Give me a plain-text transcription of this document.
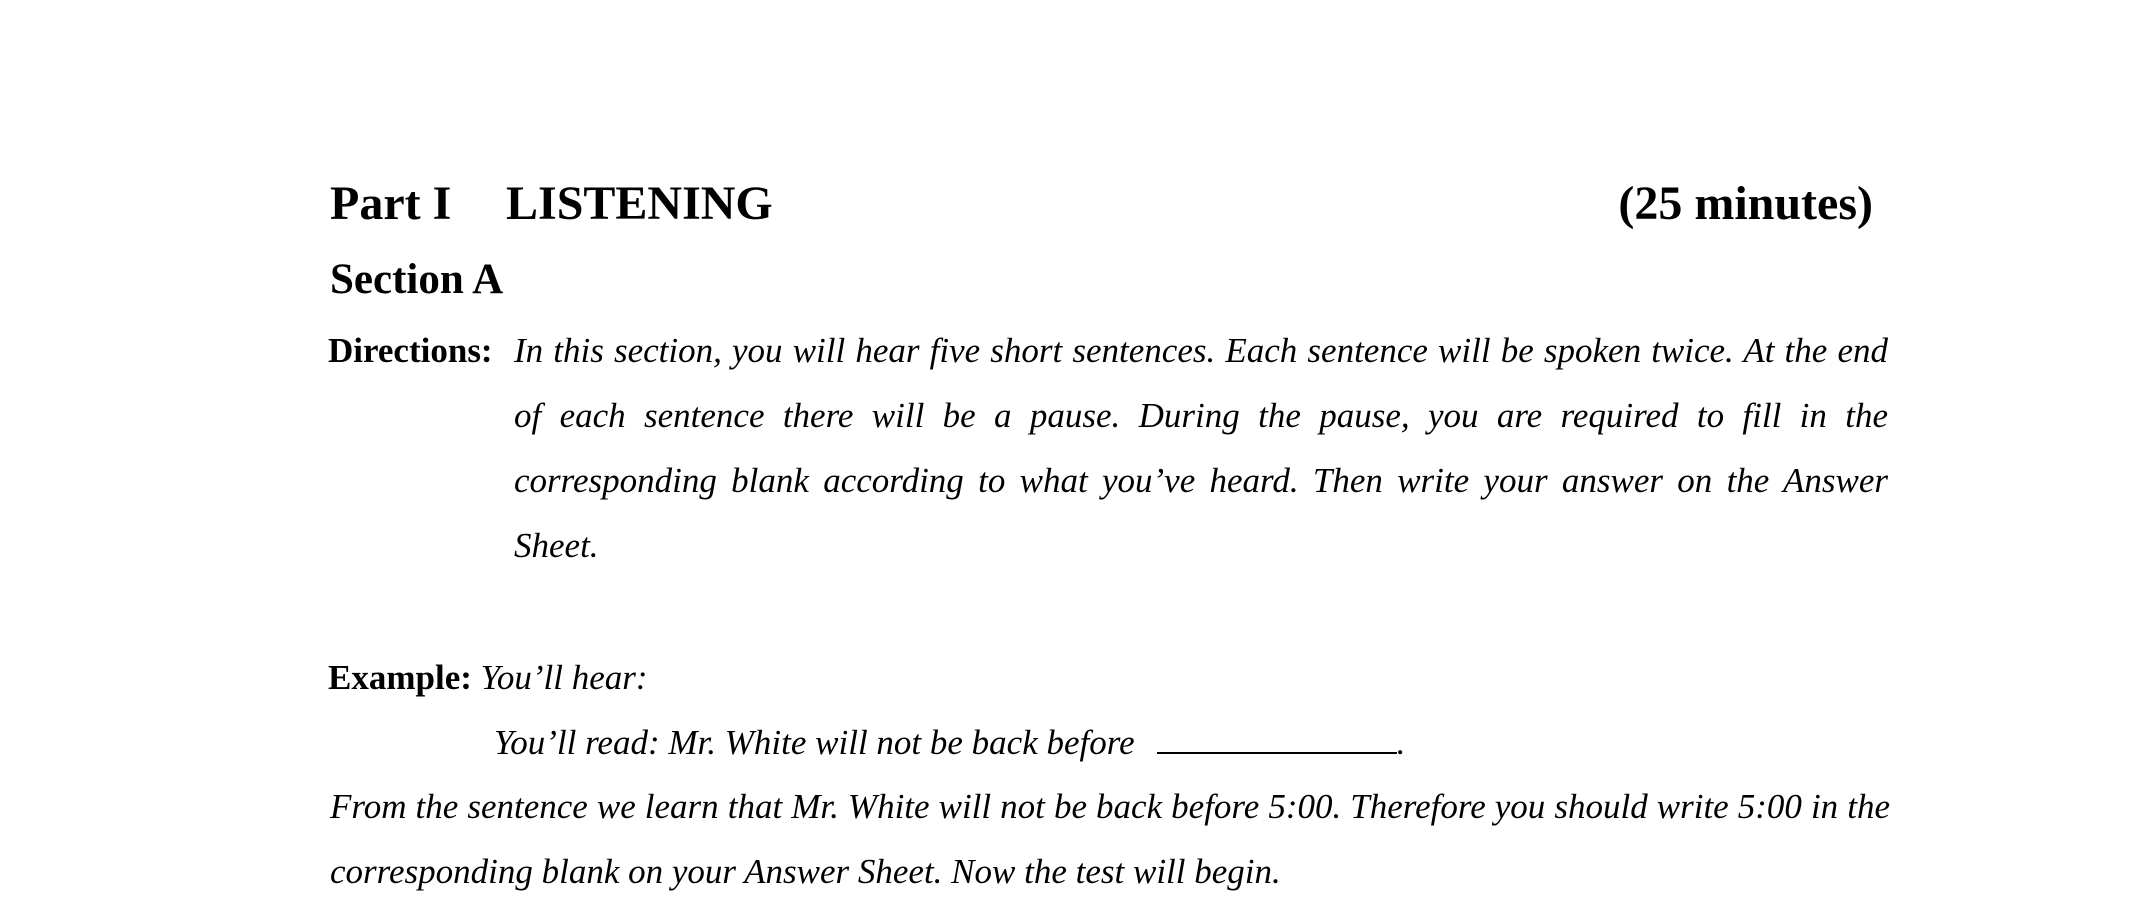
Part I LISTENING	(25 minutes)
Section A
Directions: In this section, you will hear five short sentences. Each sentence will be spoken twice. At the end of each sentence there will be a pause. During the pause, you are required to fill in the corresponding blank according to what you’ve heard. Then write your answer on the Answer Sheet.
Example: You’ll hear:
You’ll read: Mr. White will not be back before	.
From the sentence we learn that Mr. White will not be back before 5:00. Therefore you should write 5:00 in the corresponding blank on your Answer Sheet. Now the test will begin.
